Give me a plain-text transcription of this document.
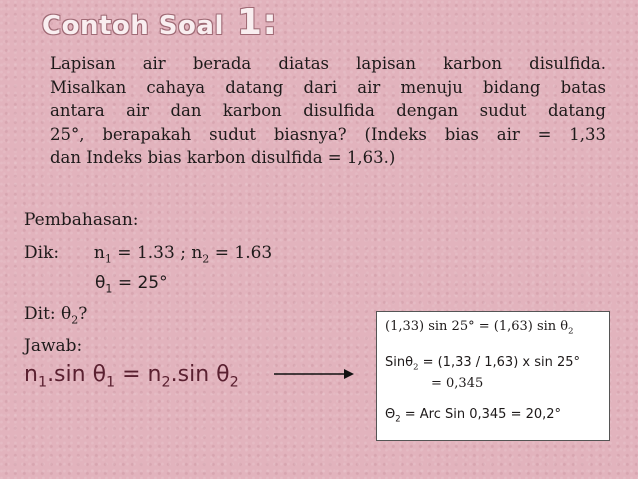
Contoh Soal 1:
Lapisan air berada diatas lapisan karbon disulfida.
Misalkan cahaya datang dari air menuju bidang batas
antara air dan karbon disulfida dengan sudut datang
25°, berapakah sudut biasnya? (Indeks bias air = 1,33
dan Indeks bias karbon disulfida = 1,63.)
Pembahasan:
Dik: $n_1 = 1.33$ ; $n_2 = 1.63$
$\theta_1 = 25^\circ$
Dit: $\theta_2$?
Jawab:
$n_1.\sin$ $\theta_1 = n_2.\sin$ $\theta_2$
(1,33) sin 25° = (1,63) $\sin \theta_2$
Sinθ$_2$ = (1,33 / 1,63) x sin 25°
= 0,345
$\Theta_2$ = Arc Sin 0,345 = 20,2°
